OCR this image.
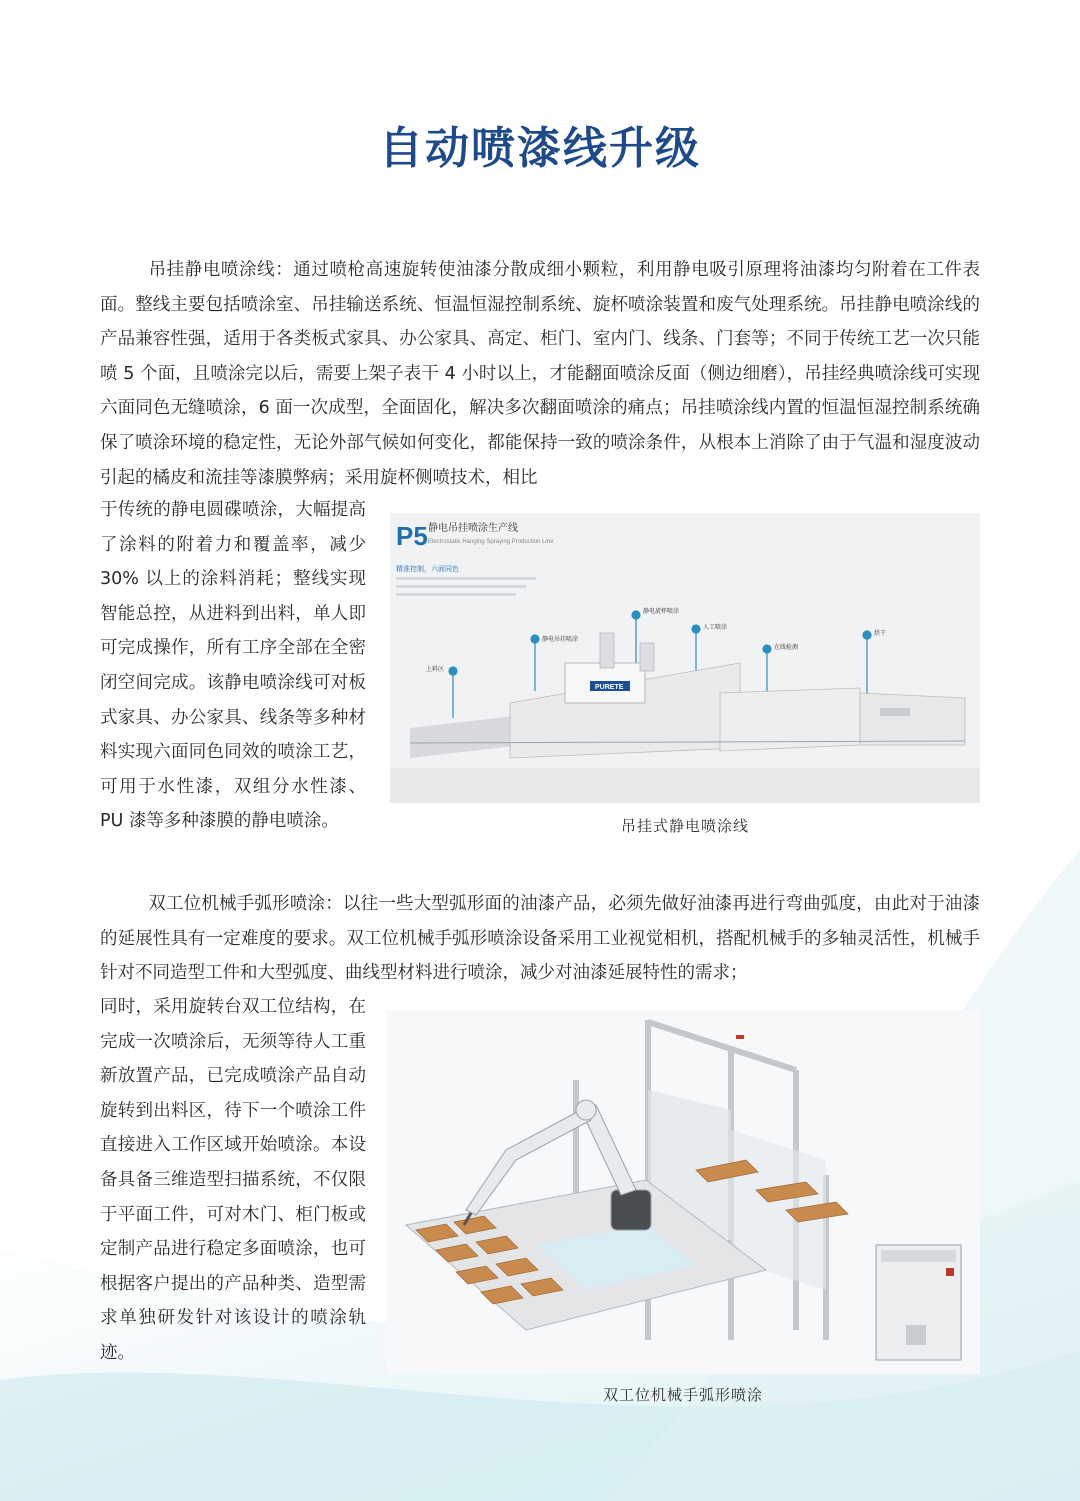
自动喷漆线升级
吊挂静电喷涂线：通过喷枪高速旋转使油漆分散成细小颗粒，利用静电吸引原理将油漆均匀附着在工件表面。整线主要包括喷涂室、吊挂输送系统、恒温恒湿控制系统、旋杯喷涂装置和废气处理系统。吊挂静电喷涂线的产品兼容性强，适用于各类板式家具、办公家具、高定、柜门、室内门、线条、门套等；不同于传统工艺一次只能喷 5 个面，且喷涂完以后，需要上架子表干 4 小时以上，才能翻面喷涂反面（侧边细磨），吊挂经典喷涂线可实现六面同色无缝喷涂，6 面一次成型，全面固化，解决多次翻面喷涂的痛点；吊挂喷涂线内置的恒温恒湿控制系统确保了喷涂环境的稳定性，无论外部气候如何变化，都能保持一致的喷涂条件，从根本上消除了由于气温和湿度波动引起的橘皮和流挂等漆膜弊病；采用旋杯侧喷技术，相比
于传统的静电圆碟喷涂，大幅提高了涂料的附着力和覆盖率，减少 30% 以上的涂料消耗；整线实现智能总控，从进料到出料，单人即可完成操作，所有工序全部在全密闭空间完成。该静电喷涂线可对板式家具、办公家具、线条等多种材料实现六面同色同效的喷涂工艺，可用于水性漆，双组分水性漆、PU 漆等多种漆膜的静电喷涂。
P5 静电吊挂喷涂生产线
Electrostatic Hanging Spraying Production Line
精准控制，六面同色
上料区
静电吊挂喷涂
静电旋杯喷涂
人工喷涂
在线检测
烘干
PURETE
吊挂式静电喷涂线
双工位机械手弧形喷涂：以往一些大型弧形面的油漆产品，必须先做好油漆再进行弯曲弧度，由此对于油漆的延展性具有一定难度的要求。双工位机械手弧形喷涂设备采用工业视觉相机，搭配机械手的多轴灵活性，机械手针对不同造型工件和大型弧度、曲线型材料进行喷涂，减少对油漆延展特性的需求；
同时，采用旋转台双工位结构，在完成一次喷涂后，无须等待人工重新放置产品，已完成喷涂产品自动旋转到出料区，待下一个喷涂工件直接进入工作区域开始喷涂。本设备具备三维造型扫描系统，不仅限于平面工件，可对木门、柜门板或定制产品进行稳定多面喷涂，也可根据客户提出的产品种类、造型需求单独研发针对该设计的喷涂轨迹。
双工位机械手弧形喷涂
